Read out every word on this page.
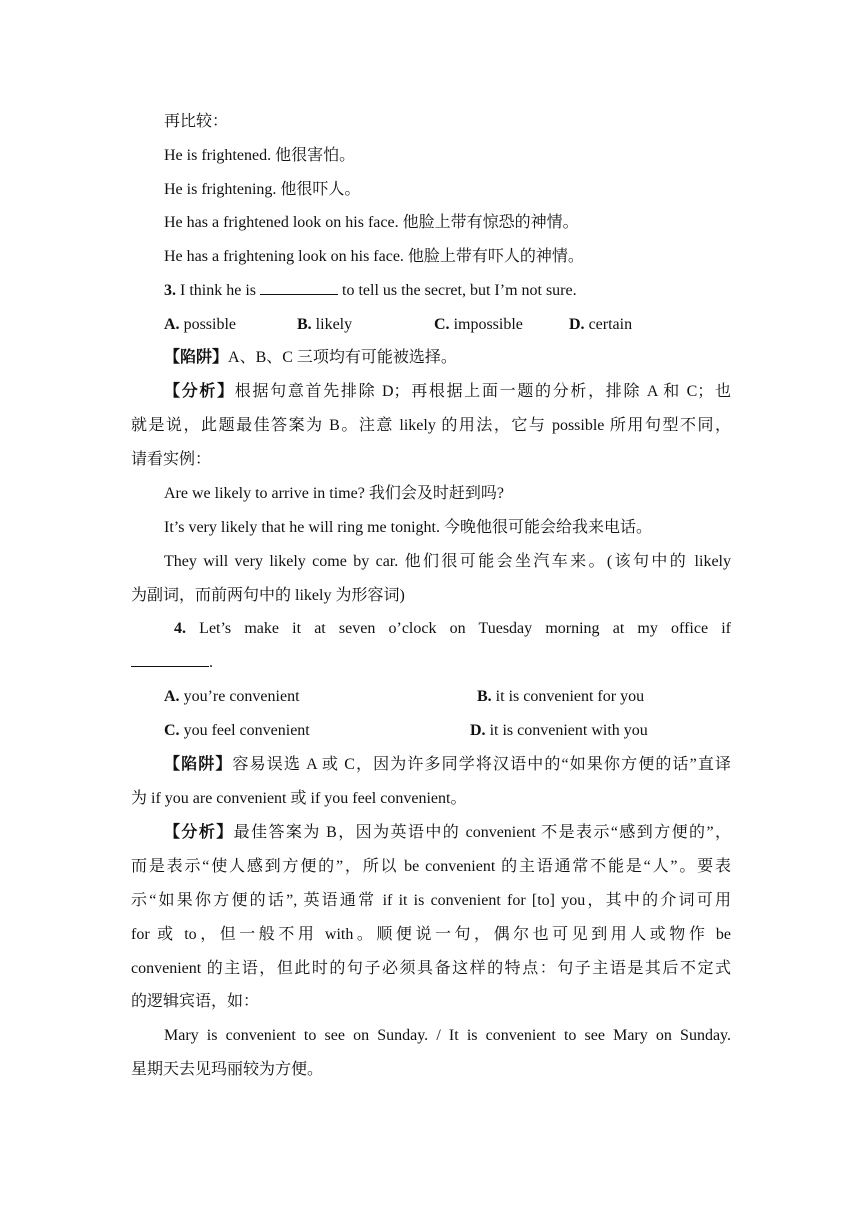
再比较：
He is frightened. 他很害怕。
He is frightening. 他很吓人。
He has a frightened look on his face. 他脸上带有惊恐的神情。
He has a frightening look on his face. 他脸上带有吓人的神情。
3. I think he is	to tell us the secret, but I’m not sure.
A. possible	B. likely	C. impossible	D. certain
【陷阱】A、B、C 三项均有可能被选择。
【分析】根据句意首先排除 D；再根据上面一题的分析，排除 A 和 C；也
就是说，此题最佳答案为 B。注意 likely 的用法，它与 possible 所用句型不同，
请看实例：
Are we likely to arrive in time? 我们会及时赶到吗?
It’s very likely that he will ring me tonight. 今晚他很可能会给我来电话。
They will very likely come by car. 他们很可能会坐汽车来。(该句中的 likely
为副词，而前两句中的 likely 为形容词)
4. Let’s make it at seven o’clock on Tuesday morning at my office if
.
A. you’re convenient	B. it is convenient for you
C. you feel convenient	D. it is convenient with you
【陷阱】容易误选 A 或 C，因为许多同学将汉语中的“如果你方便的话”直译
为 if you are convenient 或 if you feel convenient。
【分析】最佳答案为 B，因为英语中的 convenient 不是表示“感到方便的”，
而是表示“使人感到方便的”，所以 be convenient 的主语通常不能是“人”。要表
示“如果你方便的话”, 英语通常 if it is convenient for [to] you，其中的介词可用
for 或 to，但一般不用 with。顺便说一句，偶尔也可见到用人或物作 be
convenient 的主语，但此时的句子必须具备这样的特点：句子主语是其后不定式
的逻辑宾语，如：
Mary is convenient to see on Sunday. / It is convenient to see Mary on Sunday.
星期天去见玛丽较为方便。
